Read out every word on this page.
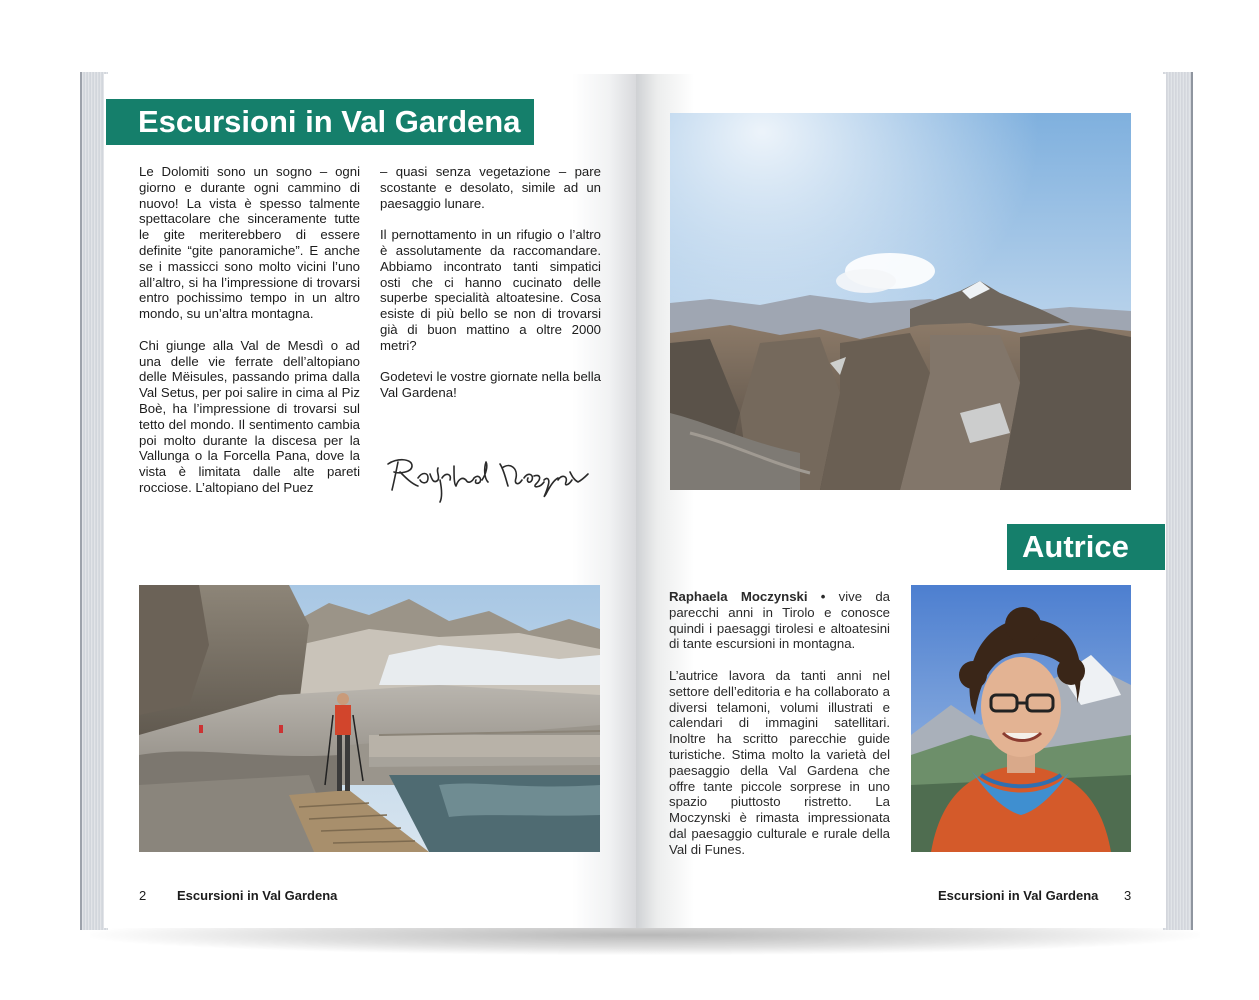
Escursioni in Val Gardena

Le Dolomiti sono un sogno – ogni giorno e durante ogni cammino di nuovo! La vista è spesso talmente spettacolare che sinceramente tutte le gite meriterebbero di essere definite “gite panoramiche”. E anche se i massicci sono molto vicini l’uno all’altro, si ha l’impressione di trovarsi entro pochissimo tempo in un altro mondo, su un’altra montagna.

Chi giunge alla Val de Mesdì o ad una delle vie ferrate dell’altopiano delle Mëisules, passando prima dalla Val Setus, per poi salire in cima al Piz Boè, ha l’impressione di trovarsi sul tetto del mondo. Il sentimento cambia poi molto durante la discesa per la Vallunga o la Forcella Pana, dove la vista è limitata dalle alte pareti rocciose. L’altopiano del Puez

– quasi senza vegetazione – pare scostante e desolato, simile ad un paesaggio lunare.

Il pernottamento in un rifugio o l’altro è assolutamente da raccomandare. Abbiamo incontrato tanti simpatici osti che ci hanno cucinato delle superbe specialità altoatesine. Cosa esiste di più bello se non di trovarsi già di buon mattino a oltre 2000 metri?

Godetevi le vostre giornate nella bella Val Gardena!

2 Escursioni in Val Gardena
Autrice

Raphaela Moczynski • vive da parecchi anni in Tirolo e conosce quindi i paesaggi tirolesi e altoatesini di tante escursioni in montagna.

L’autrice lavora da tanti anni nel settore dell’editoria e ha collaborato a diversi telamoni, volumi illustrati e calendari di immagini satellitari. Inoltre ha scritto parecchie guide turistiche. Stima molto la varietà del paesaggio della Val Gardena che offre tante piccole sorprese in uno spazio piuttosto ristretto. La Moczynski è rimasta impressionata dal paesaggio culturale e rurale della Val di Funes.

Escursioni in Val Gardena 3
